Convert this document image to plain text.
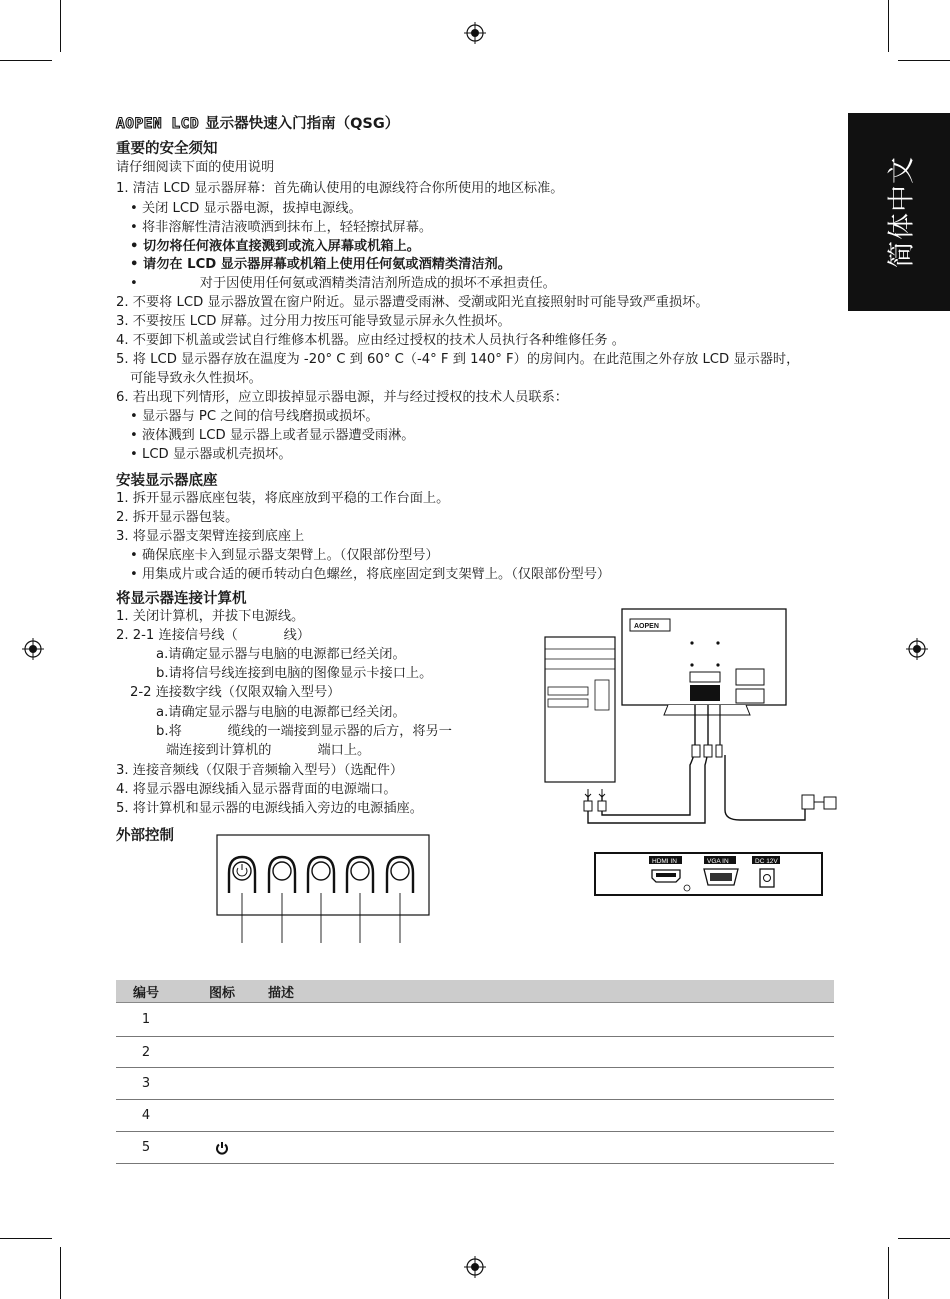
简体中文
AOPEN LCD 显示器快速入门指南（QSG）
重要的安全须知
请仔细阅读下面的使用说明
1. 清洁 LCD 显示器屏幕：首先确认使用的电源线符合你所使用的地区标准。
• 关闭 LCD 显示器电源，拔掉电源线。
• 将非溶解性清洁液喷洒到抹布上，轻轻擦拭屏幕。
• 切勿将任何液体直接溅到或流入屏幕或机箱上。
• 请勿在 LCD 显示器屏幕或机箱上使用任何氨或酒精类清洁剂。
•	对于因使用任何氨或酒精类清洁剂所造成的损坏不承担责任。
2. 不要将 LCD 显示器放置在窗户附近。显示器遭受雨淋、受潮或阳光直接照射时可能导致严重损坏。
3. 不要按压 LCD 屏幕。过分用力按压可能导致显示屏永久性损坏。
4. 不要卸下机盖或尝试自行维修本机器。应由经过授权的技术人员执行各种维修任务 。
5. 将 LCD 显示器存放在温度为 -20° C 到 60° C（-4° F 到 140° F）的房间内。在此范围之外存放 LCD 显示器时，
可能导致永久性损坏。
6. 若出现下列情形，应立即拔掉显示器电源，并与经过授权的技术人员联系：
• 显示器与 PC 之间的信号线磨损或损坏。
• 液体溅到 LCD 显示器上或者显示器遭受雨淋。
• LCD 显示器或机壳损坏。
安装显示器底座
1. 拆开显示器底座包装，将底座放到平稳的工作台面上。
2. 拆开显示器包装。
3. 将显示器支架臂连接到底座上
• 确保底座卡入到显示器支架臂上。（仅限部份型号）
• 用集成片或合适的硬币转动白色螺丝，将底座固定到支架臂上。（仅限部份型号）
将显示器连接计算机
1. 关闭计算机，并拔下电源线。
2. 2-1 连接信号线（	线）
a.请确定显示器与电脑的电源都已经关闭。
b.请将信号线连接到电脑的图像显示卡接口上。
2-2 连接数字线（仅限双输入型号）
a.请确定显示器与电脑的电源都已经关闭。
b.将	缆线的一端接到显示器的后方，将另一
端连接到计算机的	端口上。
3. 连接音频线（仅限于音频输入型号）（选配件）
4. 将显示器电源线插入显示器背面的电源端口。
5. 将计算机和显示器的电源线插入旁边的电源插座。
外部控制
AOPEN
HDMI IN	VGA IN	DC 12V
编号	图标	描述
1		
2		
3		
4		
5		
